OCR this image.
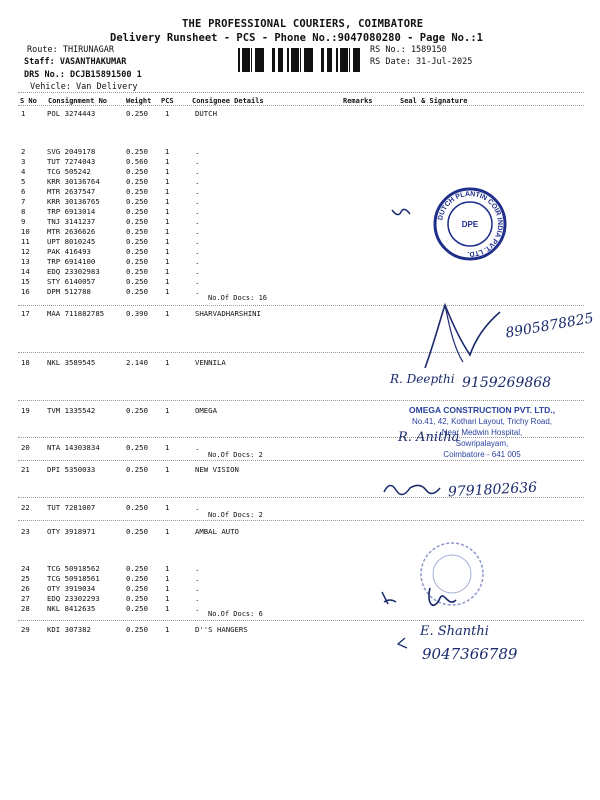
THE PROFESSIONAL COURIERS, COIMBATORE
Delivery Runsheet - PCS - Phone No.:9047080280 - Page No.:1
Route: THIRUNAGAR
Staff: VASANTHAKUMAR
DRS No.: DCJB15891500 1
Vehicle: Van Delivery
RS No.: 1589150
RS Date: 31-Jul-2025
S No Consignment No	Weight PCS	Consignee Details	Remarks	Seal & Signature
1	POL 3274443	0.250 1	DUTCH
2	SVG 2049178	0.250 1	.
3	TUT 7274043	0.560 1	.
4	TCG 505242	0.250 1	.
5	KRR 30136764	0.250 1	.
6	MTR 2637547	0.250 1	.
7	KRR 30136765	0.250 1	.
8	TRP 6913014	0.250 1	.
9	TNJ 3141237	0.250 1	.
10 MTR 2636626	0.250 1	.
11 UPT 8010245	0.250 1	.
12 PAK 416493	0.250 1	.
13 TRP 6914100	0.250 1	.
14 EDQ 23302983	0.250 1	.
15 STY 6140057	0.250 1	.
16 DPM 512788	0.250 1	.
17 MAA 711882785	0.390 1	SHARVADHARSHINI
18 NKL 3589545	2.140 1	VENNILA
19 TVM 1335542	0.250 1	OMEGA
20 NTA 14303834	0.250 1	.
21 DPI 5350033	0.250 1	NEW VISION
22 TUT 7281007	0.250 1	.
23 OTY 3918971	0.250 1	AMBAL AUTO
24 TCG 50918562	0.250 1	.
25 TCG 50918561	0.250 1	.
26 OTY 3919034	0.250 1	.
27 EDQ 23302293	0.250 1	.
28 NKL 8412635	0.250 1	.
29 KDI 307382	0.250 1	D''S HANGERS
No.Of Docs: 16
No.Of Docs: 2
No.Of Docs: 2
No.Of Docs: 6
DUTCH PLANTIN COIR INDIA PVT. LTD.
DPE
OMEGA CONSTRUCTION PVT. LTD.,
No.41, 42, Kothari Layout, Trichy Road,
Near Medwin Hospital,
Sowripalayam,
Coimbatore - 641 005
8905878825
R. Deepthi 9159269868
R. Anitha
9791802636
E. Shanthi
9047366789
